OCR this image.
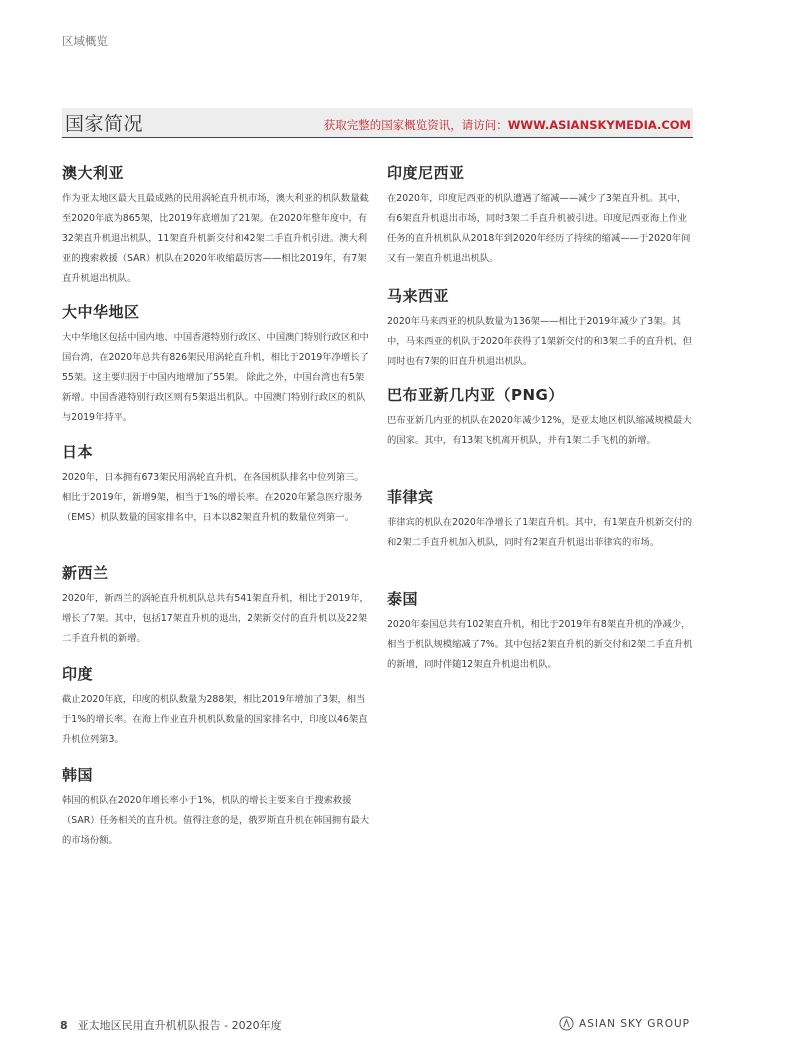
区域概览
国家简况	获取完整的国家概览资讯，请访问：WWW.ASIANSKYMEDIA.COM
澳大利亚

作为亚太地区最大且最成熟的民用涡轮直升机市场，澳大利亚的机队数量截至2020年底为865架，比2019年底增加了21架。在2020年整年度中，有32架直升机退出机队，11架直升机新交付和42架二手直升机引进。澳大利亚的搜索救援（SAR）机队在2020年收缩最厉害——相比2019年，有7架直升机退出机队。

大中华地区

大中华地区包括中国内地、中国香港特别行政区、中国澳门特别行政区和中国台湾，在2020年总共有826架民用涡轮直升机，相比于2019年净增长了55架。这主要归因于中国内地增加了55架。 除此之外，中国台湾也有5架新增。中国香港特别行政区则有5架退出机队。中国澳门特别行政区的机队与2019年持平。

日本

2020年，日本拥有673架民用涡轮直升机，在各国机队排名中位列第三。相比于2019年，新增9架，相当于1%的增长率。在2020年紧急医疗服务（EMS）机队数量的国家排名中，日本以82架直升机的数量位列第一。

新西兰

2020年，新西兰的涡轮直升机机队总共有541架直升机，相比于2019年，增长了7架。其中，包括17架直升机的退出，2架新交付的直升机以及22架二手直升机的新增。

印度

截止2020年底，印度的机队数量为288架，相比2019年增加了3架，相当于1%的增长率。在海上作业直升机机队数量的国家排名中，印度以46架直升机位列第3。

韩国

韩国的机队在2020年增长率小于1%，机队的增长主要来自于搜索救援（SAR）任务相关的直升机。值得注意的是，俄罗斯直升机在韩国拥有最大的市场份额。

印度尼西亚

在2020年，印度尼西亚的机队遭遇了缩减——减少了3架直升机。其中，有6架直升机退出市场，同时3架二手直升机被引进。印度尼西亚海上作业任务的直升机机队从2018年到2020年经历了持续的缩减——于2020年间又有一架直升机退出机队。

马来西亚

2020年马来西亚的机队数量为136架——相比于2019年减少了3架。其中，马来西亚的机队于2020年获得了1架新交付的和3架二手的直升机，但同时也有7架的旧直升机退出机队。

巴布亚新几内亚（PNG）

巴布亚新几内亚的机队在2020年减少12%，是亚太地区机队缩减规模最大的国家。其中，有13架飞机离开机队，并有1架二手飞机的新增。

菲律宾

菲律宾的机队在2020年净增长了1架直升机。其中，有1架直升机新交付的和2架二手直升机加入机队，同时有2架直升机退出菲律宾的市场。

泰国

2020年泰国总共有102架直升机，相比于2019年有8架直升机的净减少，相当于机队规模缩减了7%。其中包括2架直升机的新交付和2架二手直升机的新增，同时伴随12架直升机退出机队。

8 亚太地区民用直升机机队报告 - 2020年度	ASIAN SKY GROUP
